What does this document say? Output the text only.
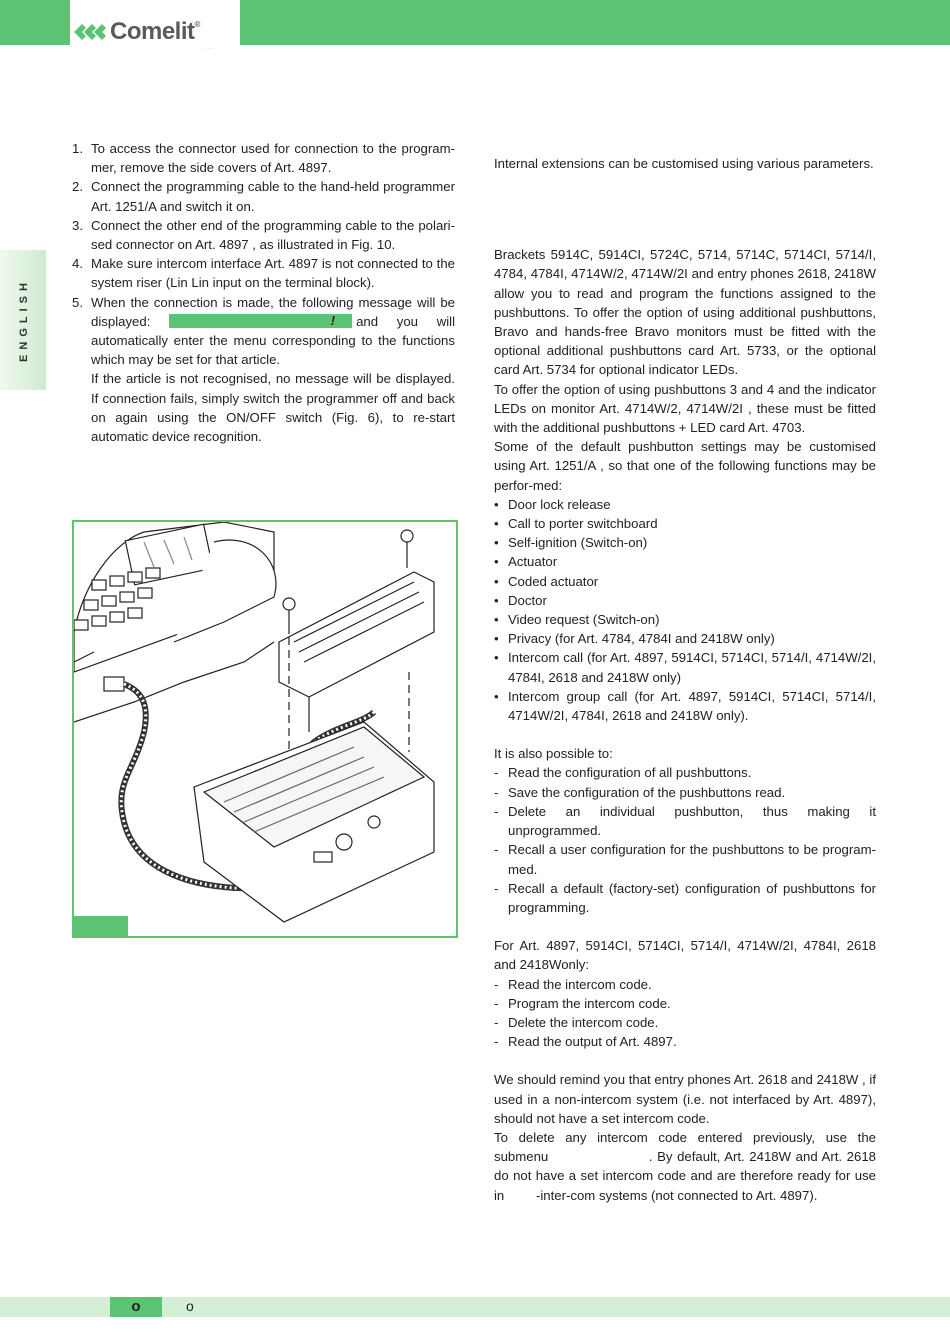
Comelit®
· · ·
ENGLISH
1. To access the connector used for connection to the program-mer, remove the side covers of Art. 4897.
2. Connect the programming cable to the hand-held programmer Art. 1251/A and switch it on.
3. Connect the other end of the programming cable to the polari-sed connector on Art. 4897 , as illustrated in Fig. 10.
4. Make sure intercom interface Art. 4897 is not connected to the system riser (Lin Lin input on the terminal block).
5. When the connection is made, the following message will be displayed:	! and you will automatically enter the menu corresponding to the functions which may be set for that article.
If the article is not recognised, no message will be displayed. If connection fails, simply switch the programmer off and back on again using the ON/OFF switch (Fig. 6), to re-start automatic device recognition.

Internal extensions can be customised using various parameters.

Brackets 5914C, 5914CI, 5724C, 5714, 5714C, 5714CI, 5714/I, 4784, 4784I, 4714W/2, 4714W/2I and entry phones 2618, 2418W allow you to read and program the functions assigned to the pushbuttons. To offer the option of using additional pushbuttons, Bravo and hands-free Bravo monitors must be fitted with the optional additional pushbuttons card Art. 5733, or the optional card Art. 5734 for optional indicator LEDs.

To offer the option of using pushbuttons 3 and 4 and the indicator LEDs on monitor Art. 4714W/2, 4714W/2I , these must be fitted with the additional pushbuttons + LED card Art. 4703.

Some of the default pushbutton settings may be customised using Art. 1251/A , so that one of the following functions may be perfor-med:

• Door lock release
• Call to porter switchboard
• Self-ignition (Switch-on)
• Actuator
• Coded actuator
• Doctor
• Video request (Switch-on)
• Privacy (for Art. 4784, 4784I and 2418W only)
• Intercom call (for Art. 4897, 5914CI, 5714CI, 5714/I, 4714W/2I, 4784I, 2618 and 2418W only)
• Intercom group call (for Art. 4897, 5914CI, 5714CI, 5714/I, 4714W/2I, 4784I, 2618 and 2418W only).

It is also possible to:

- Read the configuration of all pushbuttons.
- Save the configuration of the pushbuttons read.
- Delete an individual pushbutton, thus making it unprogrammed.
- Recall a user configuration for the pushbuttons to be program-med.
- Recall a default (factory-set) configuration of pushbuttons for programming.

For Art. 4897, 5914CI, 5714CI, 5714/I, 4714W/2I, 4784I, 2618 and 2418Wonly:

- Read the intercom code.
- Program the intercom code.
- Delete the intercom code.
- Read the output of Art. 4897.

We should remind you that entry phones Art. 2618 and 2418W , if used in a non-intercom system (i.e. not interfaced by Art. 4897), should not have a set intercom code.

To delete any intercom code entered previously, use the submenu	. By default, Art. 2418W and Art. 2618 do not have a set intercom code and are therefore ready for use in -inter-com systems (not connected to Art. 4897).

o	o
